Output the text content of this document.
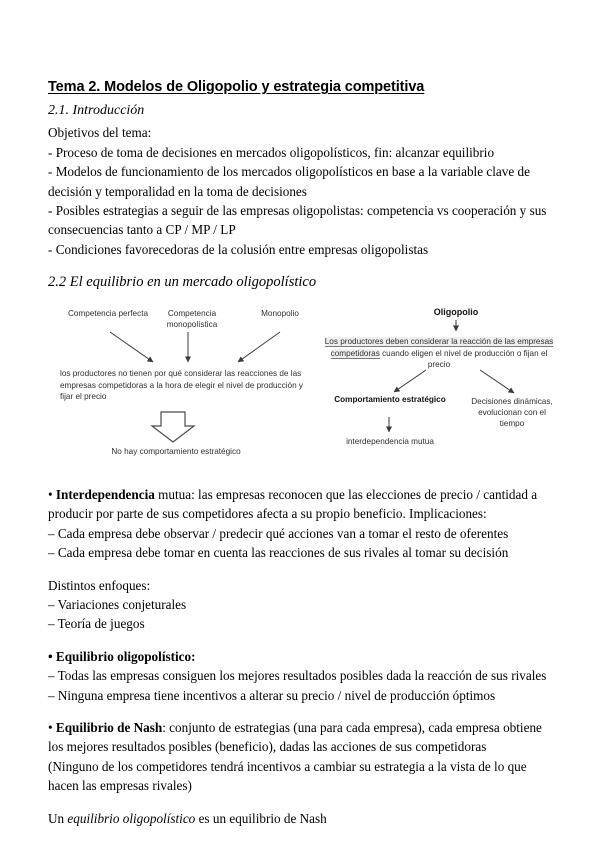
Tema 2. Modelos de Oligopolio y estrategia competitiva
2.1. Introducción

Objetivos del tema:

- Proceso de toma de decisiones en mercados oligopolísticos, fin: alcanzar equilibrio

- Modelos de funcionamiento de los mercados oligopolísticos en base a la variable clave de decisión y temporalidad en la toma de decisiones

- Posibles estrategias a seguir de las empresas oligopolistas: competencia vs cooperación y sus consecuencias tanto a CP / MP / LP

- Condiciones favorecedoras de la colusión entre empresas oligopolistas

2.2 El equilibrio en un mercado oligopolístico
Competencia perfecta	Competencia monopolística
Monopolio
los productores no tienen por qué considerar las reacciones de las empresas competidoras a la hora de elegir el nivel de producción y fijar el precio
No hay comportamiento estratégico
Oligopolio
Los productores deben considerar la reacción de las empresas competidoras cuando eligen el nivel de producción o fijan el precio
Comportamiento estratégico
interdependencia mutua
Decisiones dinámicas, evolucionan con el tiempo

• Interdependencia mutua: las empresas reconocen que las elecciones de precio / cantidad a producir por parte de sus competidores afecta a su propio beneficio. Implicaciones:

– Cada empresa debe observar / predecir qué acciones van a tomar el resto de oferentes

– Cada empresa debe tomar en cuenta las reacciones de sus rivales al tomar su decisión

Distintos enfoques:

– Variaciones conjeturales

– Teoría de juegos

• Equilibrio oligopolístico:

– Todas las empresas consiguen los mejores resultados posibles dada la reacción de sus rivales

– Ninguna empresa tiene incentivos a alterar su precio / nivel de producción óptimos

• Equilibrio de Nash: conjunto de estrategias (una para cada empresa), cada empresa obtiene los mejores resultados posibles (beneficio), dadas las acciones de sus competidoras

(Ninguno de los competidores tendrá incentivos a cambiar su estrategia a la vista de lo que hacen las empresas rivales)

Un equilibrio oligopolístico es un equilibrio de Nash
